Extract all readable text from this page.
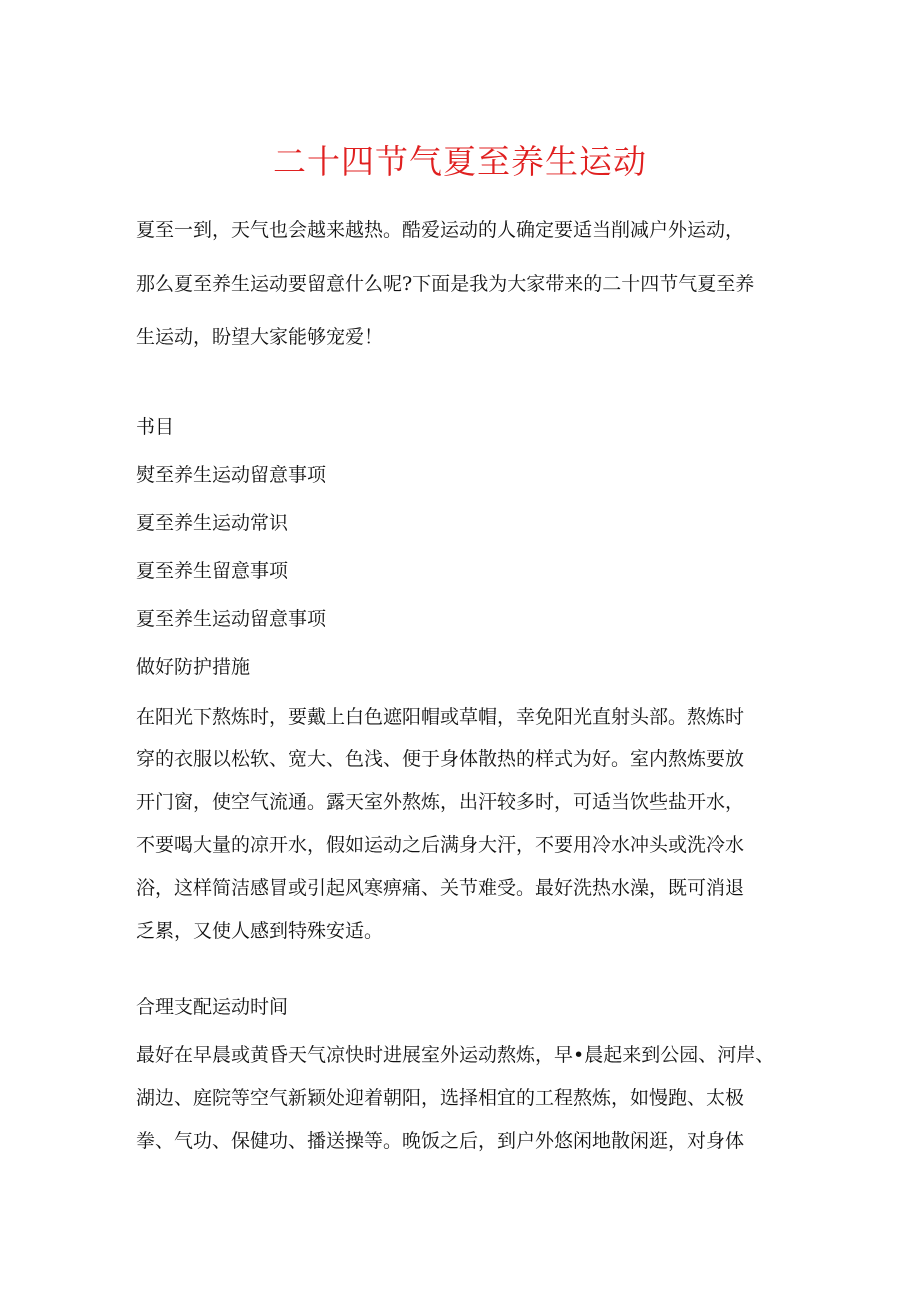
二十四节气夏至养生运动
夏至一到，天气也会越来越热。酷爱运动的人确定要适当削减户外运动，
那么夏至养生运动要留意什么呢?下面是我为大家带来的二十四节气夏至养
生运动，盼望大家能够宠爱！
书目
熨至养生运动留意事项
夏至养生运动常识
夏至养生留意事项
夏至养生运动留意事项
做好防护措施
在阳光下熬炼时，要戴上白色遮阳帽或草帽，幸免阳光直射头部。熬炼时
穿的衣服以松软、宽大、色浅、便于身体散热的样式为好。室内熬炼要放
开门窗，使空气流通。露天室外熬炼，出汗较多时，可适当饮些盐开水，
不要喝大量的凉开水，假如运动之后满身大汗，不要用冷水冲头或洗冷水
浴，这样简洁感冒或引起风寒痹痛、关节难受。最好洗热水澡，既可消退
乏累，又使人感到特殊安适。
合理支配运动时间
最好在早晨或黄昏天气凉快时进展室外运动熬炼，早•晨起来到公园、河岸、
湖边、庭院等空气新颖处迎着朝阳，选择相宜的工程熬炼，如慢跑、太极
拳、气功、保健功、播送操等。晚饭之后，到户外悠闲地散闲逛，对身体
